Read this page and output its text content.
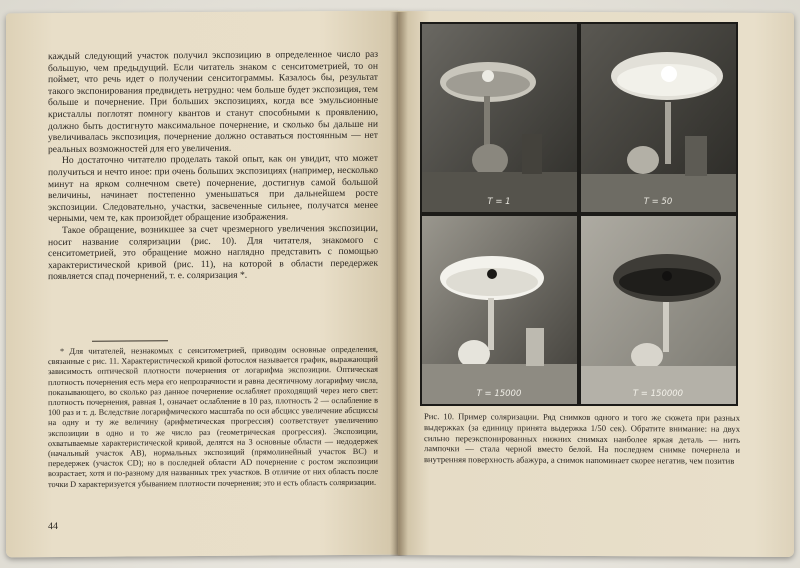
каждый следующий участок получил экспозицию в определенное число раз большую, чем предыдущий. Если читатель знаком с сенситометрией, то он поймет, что речь идет о получении сенситограммы. Казалось бы, результат такого экспонирования предвидеть нетрудно: чем больше будет экспозиция, тем больше и почернение. При больших экспозициях, когда все эмульсионные кристаллы поглотят помногу квантов и станут способными к проявлению, должно быть достигнуто максимальное почернение, и сколько бы дальше ни увеличивалась экспозиция, почернение должно оставаться постоянным — нет реальных возможностей для его увеличения.

Но достаточно читателю проделать такой опыт, как он увидит, что может получиться и нечто иное: при очень больших экспозициях (например, несколько минут на ярком солнечном свете) почернение, достигнув самой большой величины, начинает постепенно уменьшаться при дальнейшем росте экспозиции. Следовательно, участки, засвеченные сильнее, получатся менее черными, чем те, как произойдет обращение изображения.

Такое обращение, возникшее за счет чрезмерного увеличения экспозиции, носит название соляризации (рис. 10). Для читателя, знакомого с сенситометрией, это обращение можно наглядно представить с помощью характеристической кривой (рис. 11), на которой в области передержек появляется спад почернений, т. е. соляризация *.

* Для читателей, незнакомых с сенситометрией, приводим основные определения, связанные с рис. 11. Характеристической кривой фотослоя называется график, выражающий зависимость оптической плотности почернения от логарифма экспозиции. Оптическая плотность почернения есть мера его непрозрачности и равна десятичному логарифму числа, показывающего, во сколько раз данное почернение ослабляет проходящий через него свет: плотность почернения, равная 1, означает ослабление в 10 раз, плотность 2 — ослабление в 100 раз и т. д. Вследствие логарифмического масштаба по оси абсцисс увеличение абсциссы на одну и ту же величину (арифметическая прогрессия) соответствует увеличению экспозиции в одно и то же число раз (геометрическая прогрессия). Экспозиции, охватываемые характеристической кривой, делятся на 3 основные области — недодержек (начальный участок AB), нормальных экспозиций (прямолинейный участок BC) и передержек (участок CD); но в последней области AD почернение с ростом экспозиции возрастает, хотя и по-разному для названных трех участков. В отличие от них область после точки D характеризуется убыванием плотности почернения; это и есть область соляризации.

44
Рис. 10. Пример соляризации. Ряд снимков одного и того же сюжета при разных выдержках (за единицу принята выдержка 1/50 сек). Обратите внимание: на двух сильно переэкспонированных нижних снимках наиболее яркая деталь — нить лампочки — стала черной вместо белой. На последнем снимке почернела и внутренняя поверхность абажура, а снимок напоминает скорее негатив, чем позитив
T = 1	T = 50
T = 15000	T = 150000
